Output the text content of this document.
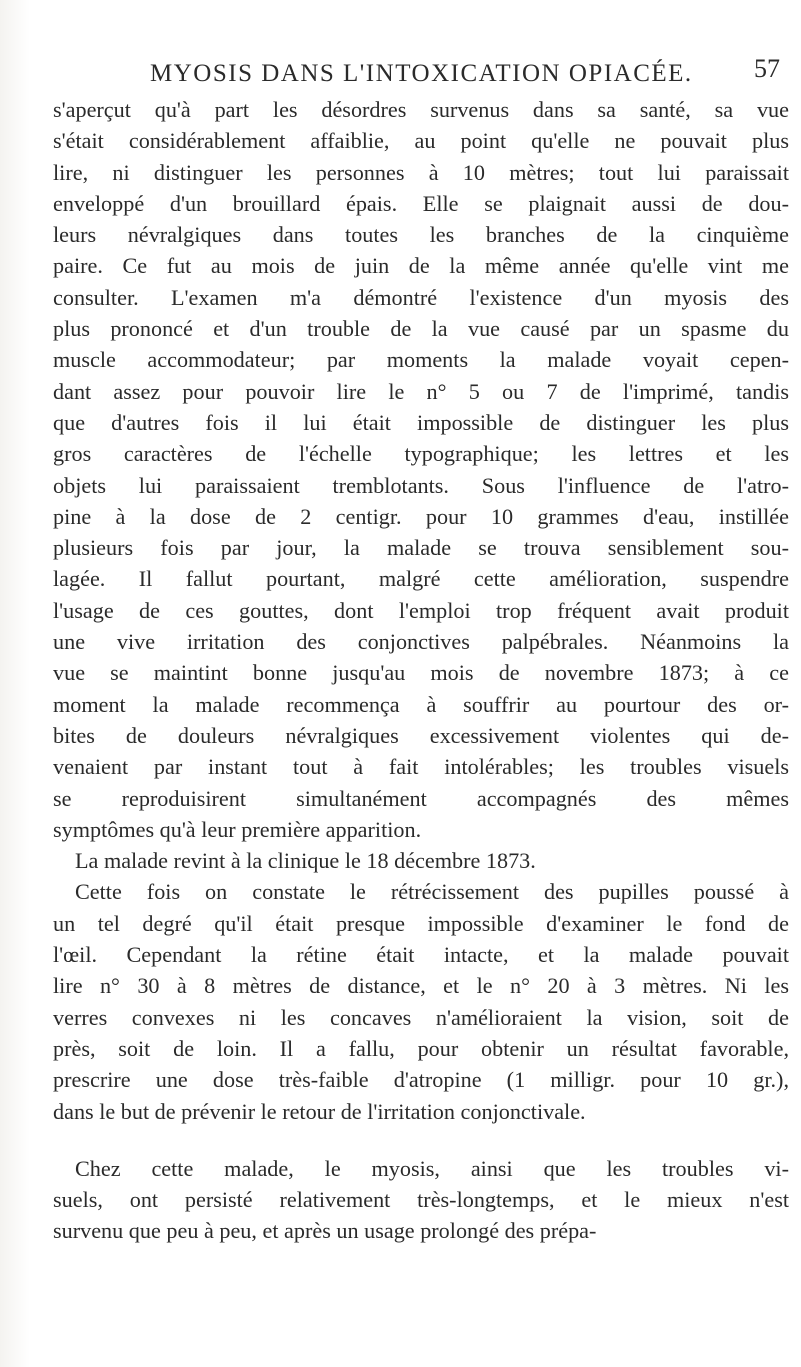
MYOSIS DANS L'INTOXICATION OPIACÉE. 57
s'aperçut qu'à part les désordres survenus dans sa santé, sa vue
s'était considérablement affaiblie, au point qu'elle ne pouvait plus
lire, ni distinguer les personnes à 10 mètres; tout lui paraissait
enveloppé d'un brouillard épais. Elle se plaignait aussi de dou-
leurs névralgiques dans toutes les branches de la cinquième
paire. Ce fut au mois de juin de la même année qu'elle vint me
consulter. L'examen m'a démontré l'existence d'un myosis des
plus prononcé et d'un trouble de la vue causé par un spasme du
muscle accommodateur; par moments la malade voyait cepen-
dant assez pour pouvoir lire le n° 5 ou 7 de l'imprimé, tandis
que d'autres fois il lui était impossible de distinguer les plus
gros caractères de l'échelle typographique; les lettres et les
objets lui paraissaient tremblotants. Sous l'influence de l'atro-
pine à la dose de 2 centigr. pour 10 grammes d'eau, instillée
plusieurs fois par jour, la malade se trouva sensiblement sou-
lagée. Il fallut pourtant, malgré cette amélioration, suspendre
l'usage de ces gouttes, dont l'emploi trop fréquent avait produit
une vive irritation des conjonctives palpébrales. Néanmoins la
vue se maintint bonne jusqu'au mois de novembre 1873; à ce
moment la malade recommença à souffrir au pourtour des or-
bites de douleurs névralgiques excessivement violentes qui de-
venaient par instant tout à fait intolérables; les troubles visuels
se reproduisirent simultanément accompagnés des mêmes
symptômes qu'à leur première apparition.
La malade revint à la clinique le 18 décembre 1873.
Cette fois on constate le rétrécissement des pupilles poussé à
un tel degré qu'il était presque impossible d'examiner le fond de
l'œil. Cependant la rétine était intacte, et la malade pouvait
lire n° 30 à 8 mètres de distance, et le n° 20 à 3 mètres. Ni les
verres convexes ni les concaves n'amélioraient la vision, soit de
près, soit de loin. Il a fallu, pour obtenir un résultat favorable,
prescrire une dose très-faible d'atropine (1 milligr. pour 10 gr.),
dans le but de prévenir le retour de l'irritation conjonctivale.
Chez cette malade, le myosis, ainsi que les troubles vi-
suels, ont persisté relativement très-longtemps, et le mieux n'est
survenu que peu à peu, et après un usage prolongé des prépa-
